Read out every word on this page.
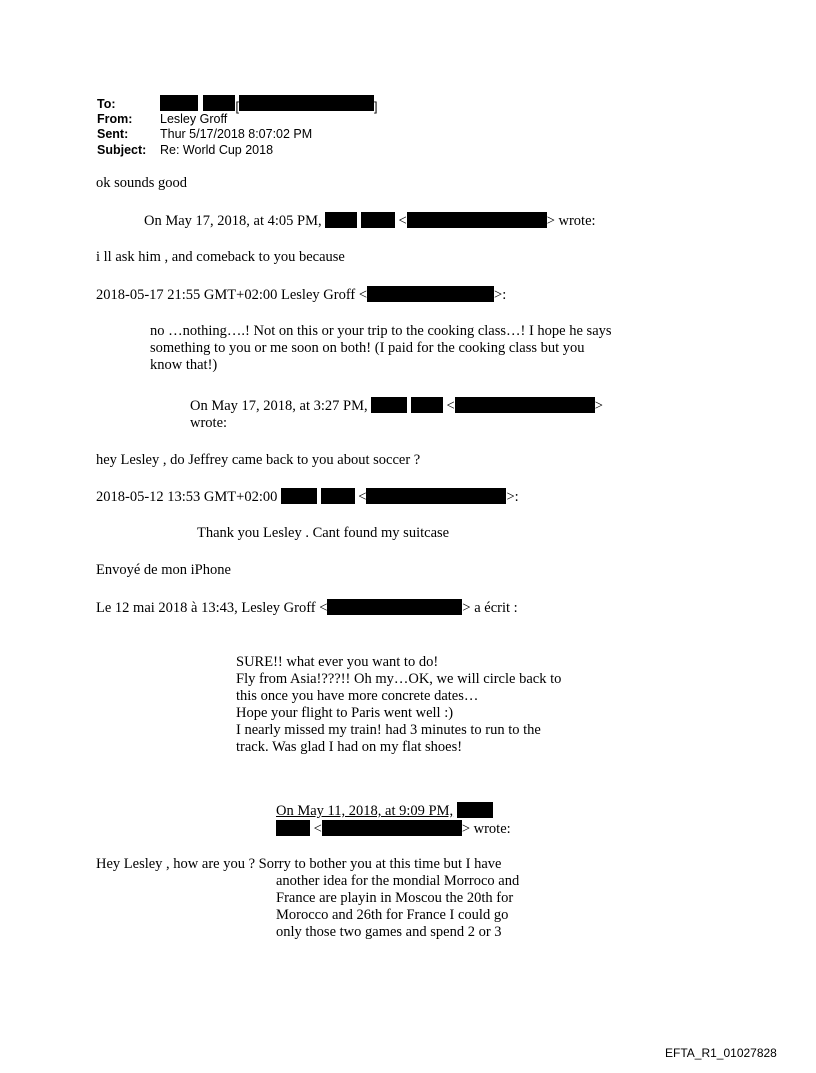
To:	[	]
From: Lesley Groff
Sent:	Thur 5/17/2018 8:07:02 PM
Subject: Re: World Cup 2018
ok sounds good
On May 17, 2018, at 4:05 PM,	<	> wrote:
i ll ask him , and comeback to you because
2018-05-17 21:55 GMT+02:00 Lesley Groff <	>:
no …nothing….! Not on this or your trip to the cooking class…! I hope he says
something to you or me soon on both! (I paid for the cooking class but you
know that!)
On May 17, 2018, at 3:27 PM,	<	>
wrote:
hey Lesley , do Jeffrey came back to you about soccer ?
2018-05-12 13:53 GMT+02:00	<	>:
Thank you Lesley . Cant found my suitcase
Envoyé de mon iPhone
Le 12 mai 2018 à 13:43, Lesley Groff <	> a écrit :
SURE!! what ever you want to do!
Fly from Asia!???!! Oh my…OK, we will circle back to
this once you have more concrete dates…
Hope your flight to Paris went well :)
I nearly missed my train! had 3 minutes to run to the
track. Was glad I had on my flat shoes!
On May 11, 2018, at 9:09 PM,
<	> wrote:
Hey Lesley , how are you ? Sorry to bother you at this time but I have
another idea for the mondial Morroco and
France are playin in Moscou the 20th for
Morocco and 26th for France I could go
only those two games and spend 2 or 3
EFTA_R1_01027828
